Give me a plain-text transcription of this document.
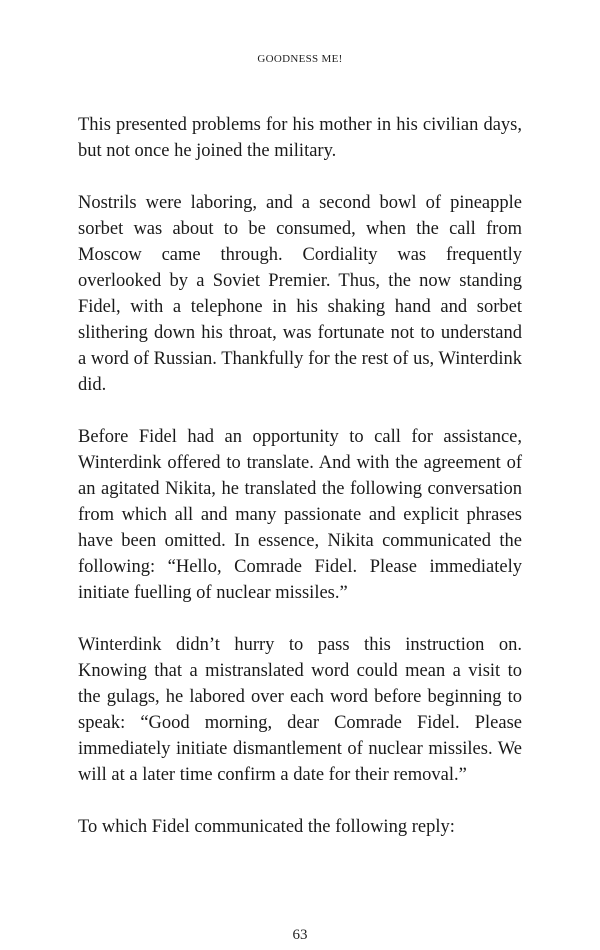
GOODNESS ME!

This presented problems for his mother in his civilian days, but not once he joined the military.

Nostrils were laboring, and a second bowl of pineapple sorbet was about to be consumed, when the call from Moscow came through. Cordiality was frequently overlooked by a Soviet Premier. Thus, the now standing Fidel, with a telephone in his shaking hand and sorbet slithering down his throat, was fortunate not to understand a word of Russian. Thankfully for the rest of us, Winterdink did.

Before Fidel had an opportunity to call for assistance, Winterdink offered to translate. And with the agreement of an agitated Nikita, he translated the following conversation from which all and many passionate and explicit phrases have been omitted. In essence, Nikita communicated the following: “Hello, Comrade Fidel. Please immediately initiate fuelling of nuclear missiles.”

Winterdink didn’t hurry to pass this instruction on. Knowing that a mistranslated word could mean a visit to the gulags, he labored over each word before beginning to speak: “Good morning, dear Comrade Fidel. Please immediately initiate dismantlement of nuclear missiles. We will at a later time confirm a date for their removal.”

To which Fidel communicated the following reply:

63
